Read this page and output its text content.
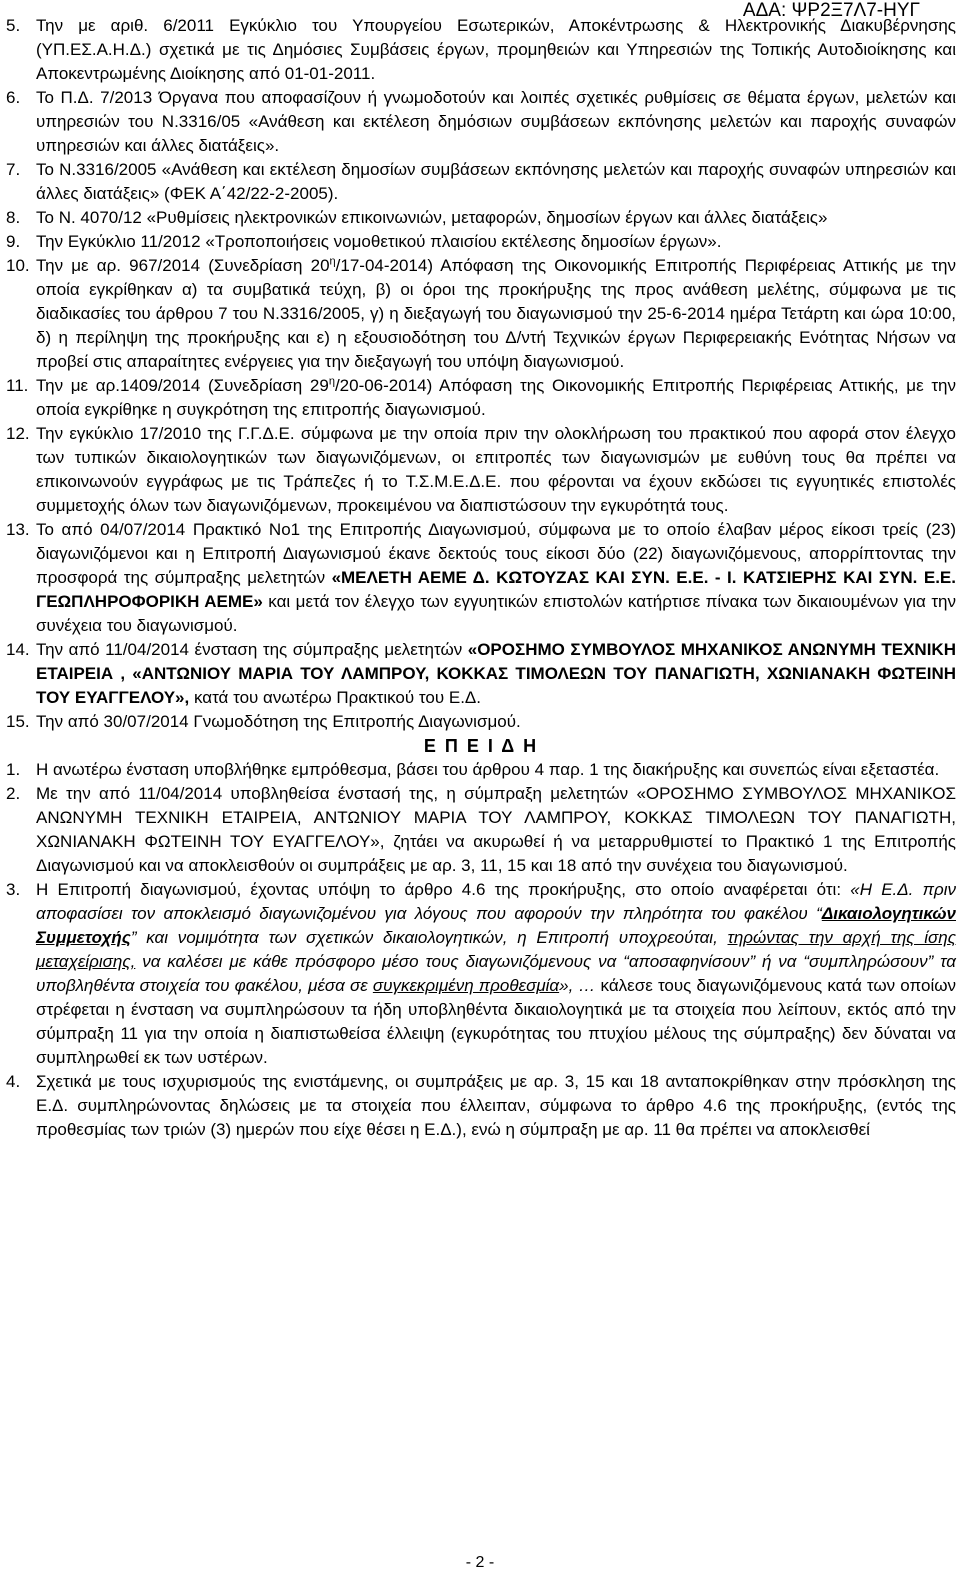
ΑΔΑ: ΨΡ2Ξ7Λ7-ΗΥΓ
5. Την με αριθ. 6/2011 Εγκύκλιο του Υπουργείου Εσωτερικών, Αποκέντρωσης & Ηλεκτρονικής Διακυβέρνησης (ΥΠ.ΕΣ.Α.Η.Δ.) σχετικά με τις Δημόσιες Συμβάσεις έργων, προμηθειών και Υπηρεσιών της Τοπικής Αυτοδιοίκησης και Αποκεντρωμένης Διοίκησης από 01-01-2011.
6. Το Π.Δ. 7/2013 Όργανα που αποφασίζουν ή γνωμοδοτούν και λοιπές σχετικές ρυθμίσεις σε θέματα έργων, μελετών και υπηρεσιών του Ν.3316/05 «Ανάθεση και εκτέλεση δημόσιων συμβάσεων εκπόνησης μελετών και παροχής συναφών υπηρεσιών και άλλες διατάξεις».
7. Το Ν.3316/2005 «Ανάθεση και εκτέλεση δημοσίων συμβάσεων εκπόνησης μελετών και παροχής συναφών υπηρεσιών και άλλες διατάξεις» (ΦΕΚ Α΄42/22-2-2005).
8. Το Ν. 4070/12 «Ρυθμίσεις ηλεκτρονικών επικοινωνιών, μεταφορών, δημοσίων έργων και άλλες διατάξεις»
9. Την Εγκύκλιο 11/2012 «Τροποποιήσεις νομοθετικού πλαισίου εκτέλεσης δημοσίων έργων».
10. Την με αρ. 967/2014 (Συνεδρίαση $20^\eta/17-04-2014$) Απόφαση της Οικονομικής Επιτροπής Περιφέρειας Αττικής με την οποία εγκρίθηκαν α) τα συμβατικά τεύχη, β) οι όροι της προκήρυξης της προς ανάθεση μελέτης, σύμφωνα με τις διαδικασίες του άρθρου 7 του Ν.3316/2005, γ) η διεξαγωγή του διαγωνισμού την 25-6-2014 ημέρα Τετάρτη και ώρα 10:00, δ) η περίληψη της προκήρυξης και ε) η εξουσιοδότηση του Δ/ντή Τεχνικών έργων Περιφερειακής Ενότητας Νήσων να προβεί στις απαραίτητες ενέργειες για την διεξαγωγή του υπόψη διαγωνισμού.
11. Την με αρ.1409/2014 (Συνεδρίαση $29^\eta/20-06-2014$) Απόφαση της Οικονομικής Επιτροπής Περιφέρειας Αττικής, με την οποία εγκρίθηκε η συγκρότηση της επιτροπής διαγωνισμού.
12. Την εγκύκλιο 17/2010 της Γ.Γ.Δ.Ε. σύμφωνα με την οποία πριν την ολοκλήρωση του πρακτικού που αφορά στον έλεγχο των τυπικών δικαιολογητικών των διαγωνιζόμενων, οι επιτροπές των διαγωνισμών με ευθύνη τους θα πρέπει να επικοινωνούν εγγράφως με τις Τράπεζες ή το Τ.Σ.Μ.Ε.Δ.Ε. που φέρονται να έχουν εκδώσει τις εγγυητικές επιστολές συμμετοχής όλων των διαγωνιζόμενων, προκειμένου να διαπιστώσουν την εγκυρότητά τους.
13. Το από 04/07/2014 Πρακτικό Νο1 της Επιτροπής Διαγωνισμού, σύμφωνα με το οποίο έλαβαν μέρος είκοσι τρείς (23) διαγωνιζόμενοι και η Επιτροπή Διαγωνισμού έκανε δεκτούς τους είκοσι δύο (22) διαγωνιζόμενους, απορρίπτοντας την προσφορά της σύμπραξης μελετητών «ΜΕΛΕΤΗ ΑΕΜΕ Δ. ΚΩΤΟΥΖΑΣ ΚΑΙ ΣΥΝ. Ε.Ε. - Ι. ΚΑΤΣΙΕΡΗΣ ΚΑΙ ΣΥΝ. Ε.Ε. ΓΕΩΠΛΗΡΟΦΟΡΙΚΗ ΑΕΜΕ» και μετά τον έλεγχο των εγγυητικών επιστολών κατήρτισε πίνακα των δικαιουμένων για την συνέχεια του διαγωνισμού.
14. Την από 11/04/2014 ένσταση της σύμπραξης μελετητών «ΟΡΟΣΗΜΟ ΣΥΜΒΟΥΛΟΣ ΜΗΧΑΝΙΚΟΣ ΑΝΩΝΥΜΗ ΤΕΧΝΙΚΗ ΕΤΑΙΡΕΙΑ , «ΑΝΤΩΝΙΟΥ ΜΑΡΙΑ ΤΟΥ ΛΑΜΠΡΟΥ, ΚΟΚΚΑΣ ΤΙΜΟΛΕΩΝ ΤΟΥ ΠΑΝΑΓΙΩΤΗ, ΧΩΝΙΑΝΑΚΗ ΦΩΤΕΙΝΗ ΤΟΥ ΕΥΑΓΓΕΛΟΥ», κατά του ανωτέρω Πρακτικού του Ε.Δ.
15. Την από 30/07/2014 Γνωμοδότηση της Επιτροπής Διαγωνισμού.
Ε Π Ε Ι Δ Η
1. Η ανωτέρω ένσταση υποβλήθηκε εμπρόθεσμα, βάσει του άρθρου 4 παρ. 1 της διακήρυξης και συνεπώς είναι εξεταστέα.
2. Με την από 11/04/2014 υποβληθείσα ένστασή της, η σύμπραξη μελετητών «ΟΡΟΣΗΜΟ ΣΥΜΒΟΥΛΟΣ ΜΗΧΑΝΙΚΟΣ ΑΝΩΝΥΜΗ ΤΕΧΝΙΚΗ ΕΤΑΙΡΕΙΑ, ΑΝΤΩΝΙΟΥ ΜΑΡΙΑ ΤΟΥ ΛΑΜΠΡΟΥ, ΚΟΚΚΑΣ ΤΙΜΟΛΕΩΝ ΤΟΥ ΠΑΝΑΓΙΩΤΗ, ΧΩΝΙΑΝΑΚΗ ΦΩΤΕΙΝΗ ΤΟΥ ΕΥΑΓΓΕΛΟΥ», ζητάει να ακυρωθεί ή να μεταρρυθμιστεί το Πρακτικό 1 της Επιτροπής Διαγωνισμού και να αποκλεισθούν οι συμπράξεις με αρ. 3, 11, 15 και 18 από την συνέχεια του διαγωνισμού.
3. Η Επιτροπή διαγωνισμού, έχοντας υπόψη το άρθρο 4.6 της προκήρυξης, στο οποίο αναφέρεται ότι: «Η Ε.Δ. πριν αποφασίσει τον αποκλεισμό διαγωνιζομένου για λόγους που αφορούν την πληρότητα του φακέλου “Δικαιολογητικών Συμμετοχής” και νομιμότητα των σχετικών δικαιολογητικών, η Επιτροπή υποχρεούται, τηρώντας την αρχή της ίσης μεταχείρισης, να καλέσει με κάθε πρόσφορο μέσο τους διαγωνιζόμενους να “αποσαφηνίσουν” ή να “συμπληρώσουν” τα υποβληθέντα στοιχεία του φακέλου, μέσα σε συγκεκριμένη προθεσμία», … κάλεσε τους διαγωνιζόμενους κατά των οποίων στρέφεται η ένσταση να συμπληρώσουν τα ήδη υποβληθέντα δικαιολογητικά με τα στοιχεία που λείπουν, εκτός από την σύμπραξη 11 για την οποία η διαπιστωθείσα έλλειψη (εγκυρότητας του πτυχίου μέλους της σύμπραξης) δεν δύναται να συμπληρωθεί εκ των υστέρων.
4. Σχετικά με τους ισχυρισμούς της ενιστάμενης, οι συμπράξεις με αρ. 3, 15 και 18 ανταποκρίθηκαν στην πρόσκληση της Ε.Δ. συμπληρώνοντας δηλώσεις με τα στοιχεία που έλλειπαν, σύμφωνα το άρθρο 4.6 της προκήρυξης, (εντός της προθεσμίας των τριών (3) ημερών που είχε θέσει η Ε.Δ.), ενώ η σύμπραξη με αρ. 11 θα πρέπει να αποκλεισθεί
- 2 -
